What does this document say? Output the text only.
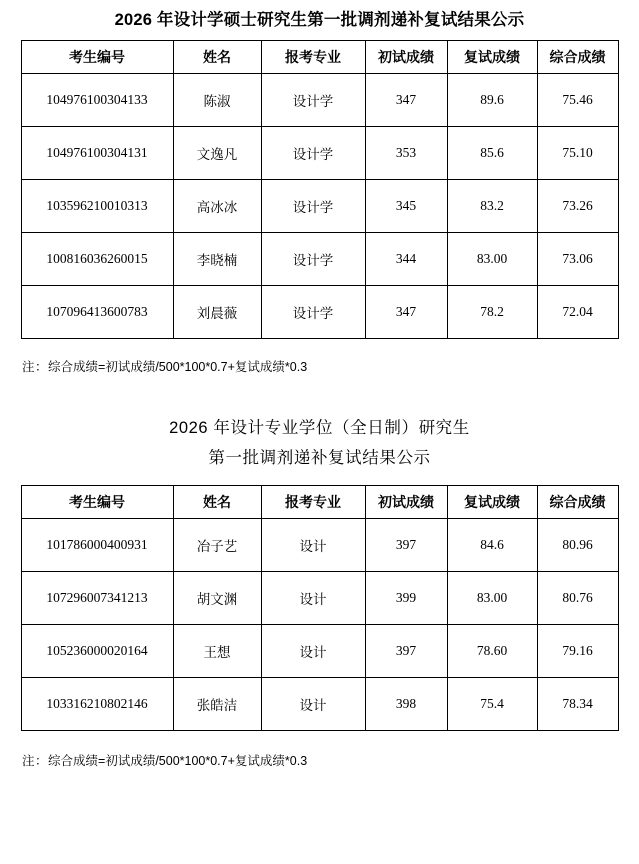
2026 年设计学硕士研究生第一批调剂递补复试结果公示
考生编号	姓名	报考专业	初试成绩	复试成绩	综合成绩
104976100304133	陈淑	设计学	347	89.6	75.46
104976100304131	文逸凡	设计学	353	85.6	75.10
103596210010313	高冰冰	设计学	345	83.2	73.26
100816036260015	李晓楠	设计学	344	83.00	73.06
107096413600783	刘晨薇	设计学	347	78.2	72.04
注：综合成绩=初试成绩/500*100*0.7+复试成绩*0.3
2026 年设计专业学位（全日制）研究生
第一批调剂递补复试结果公示
考生编号	姓名	报考专业	初试成绩	复试成绩	综合成绩
101786000400931	冶子艺	设计	397	84.6	80.96
107296007341213	胡文渊	设计	399	83.00	80.76
105236000020164	王想	设计	397	78.60	79.16
103316210802146	张皓洁	设计	398	75.4	78.34
注：综合成绩=初试成绩/500*100*0.7+复试成绩*0.3
